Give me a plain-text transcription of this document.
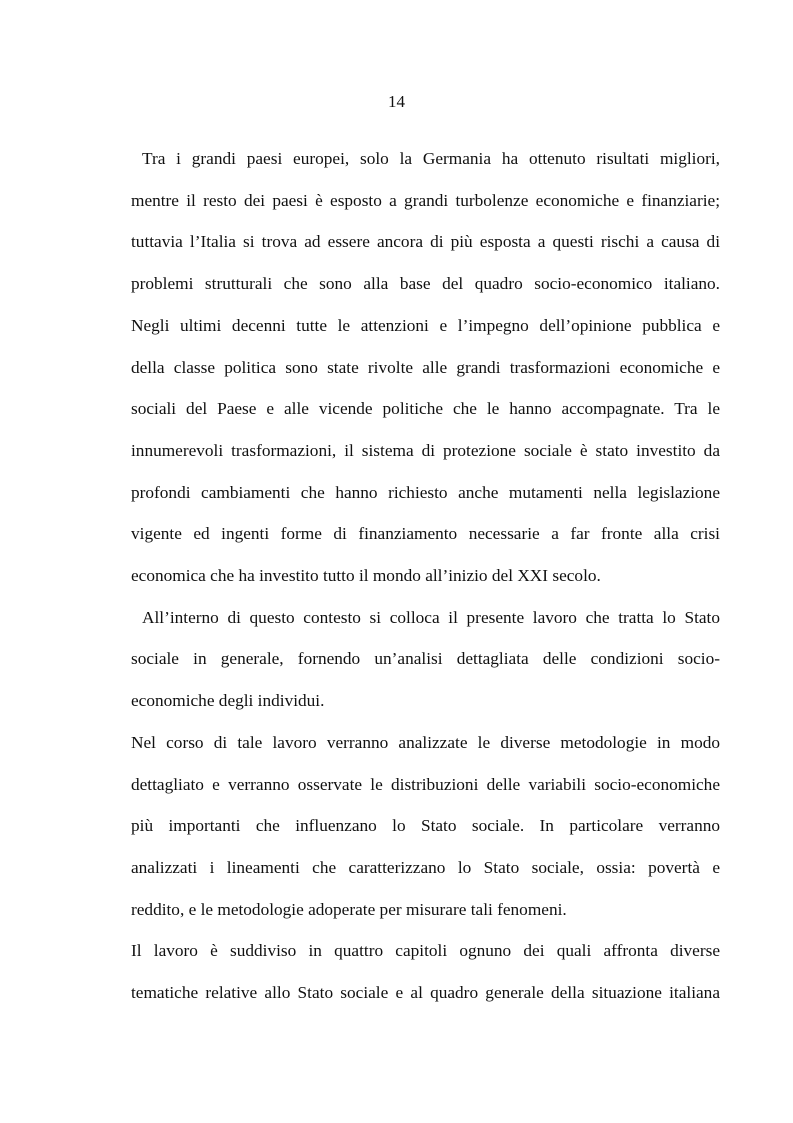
14

Tra i grandi paesi europei, solo la Germania ha ottenuto risultati migliori,
mentre il resto dei paesi è esposto a grandi turbolenze economiche e finanziarie;
tuttavia l’Italia si trova ad essere ancora di più esposta a questi rischi a causa di
problemi strutturali che sono alla base del quadro socio-economico italiano.
Negli ultimi decenni tutte le attenzioni e l’impegno dell’opinione pubblica e
della classe politica sono state rivolte alle grandi trasformazioni economiche e
sociali del Paese e alle vicende politiche che le hanno accompagnate. Tra le
innumerevoli trasformazioni, il sistema di protezione sociale è stato investito da
profondi cambiamenti che hanno richiesto anche mutamenti nella legislazione
vigente ed ingenti forme di finanziamento necessarie a far fronte alla crisi
economica che ha investito tutto il mondo all’inizio del XXI secolo.

All’interno di questo contesto si colloca il presente lavoro che tratta lo Stato
sociale in generale, fornendo un’analisi dettagliata delle condizioni socio-
economiche degli individui.

Nel corso di tale lavoro verranno analizzate le diverse metodologie in modo
dettagliato e verranno osservate le distribuzioni delle variabili socio-economiche
più importanti che influenzano lo Stato sociale. In particolare verranno
analizzati i lineamenti che caratterizzano lo Stato sociale, ossia: povertà e
reddito, e le metodologie adoperate per misurare tali fenomeni.

Il lavoro è suddiviso in quattro capitoli ognuno dei quali affronta diverse
tematiche relative allo Stato sociale e al quadro generale della situazione italiana
